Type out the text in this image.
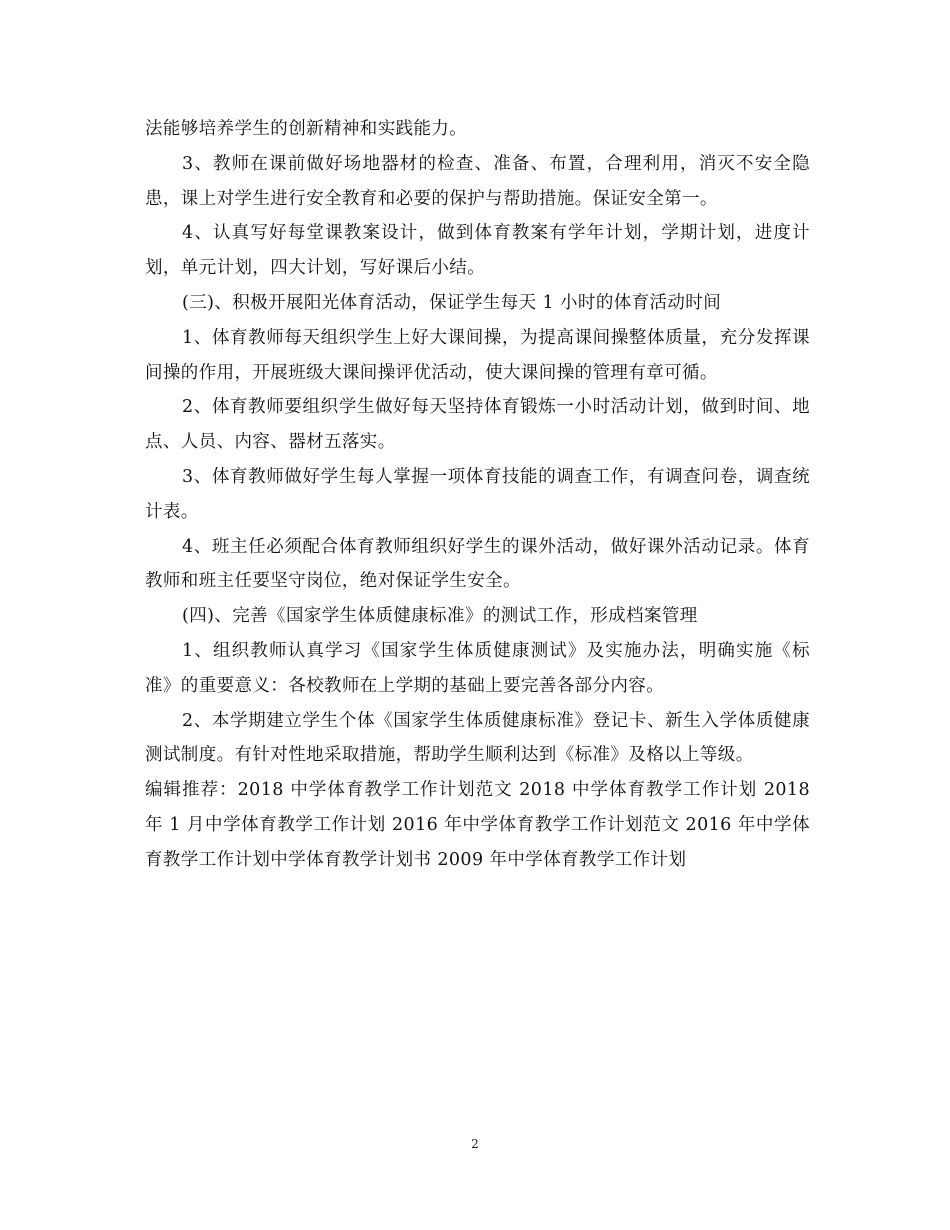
法能够培养学生的创新精神和实践能力。

3、教师在课前做好场地器材的检查、准备、布置，合理利用，消灭不安全隐患，课上对学生进行安全教育和必要的保护与帮助措施。保证安全第一。

4、认真写好每堂课教案设计，做到体育教案有学年计划，学期计划，进度计划，单元计划，四大计划，写好课后小结。

(三)、积极开展阳光体育活动，保证学生每天 1 小时的体育活动时间

1、体育教师每天组织学生上好大课间操，为提高课间操整体质量，充分发挥课间操的作用，开展班级大课间操评优活动，使大课间操的管理有章可循。

2、体育教师要组织学生做好每天坚持体育锻炼一小时活动计划，做到时间、地点、人员、内容、器材五落实。

3、体育教师做好学生每人掌握一项体育技能的调查工作，有调查问卷，调查统计表。

4、班主任必须配合体育教师组织好学生的课外活动，做好课外活动记录。体育教师和班主任要坚守岗位，绝对保证学生安全。

(四)、完善《国家学生体质健康标准》的测试工作，形成档案管理

1、组织教师认真学习《国家学生体质健康测试》及实施办法，明确实施《标准》的重要意义：各校教师在上学期的基础上要完善各部分内容。

2、本学期建立学生个体《国家学生体质健康标准》登记卡、新生入学体质健康测试制度。有针对性地采取措施，帮助学生顺利达到《标准》及格以上等级。

编辑推荐：2018 中学体育教学工作计划范文 2018 中学体育教学工作计划 2018 年 1 月中学体育教学工作计划 2016 年中学体育教学工作计划范文 2016 年中学体育教学工作计划中学体育教学计划书 2009 年中学体育教学工作计划

2
